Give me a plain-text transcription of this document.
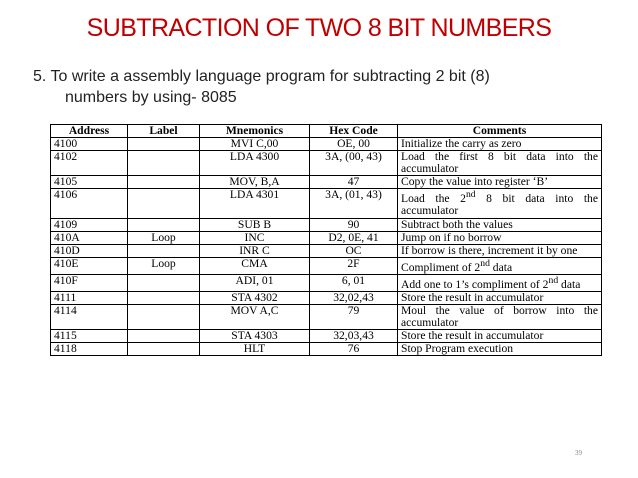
SUBTRACTION OF TWO 8 BIT NUMBERS
5. To write a assembly language program for subtracting 2 bit (8)
numbers by using- 8085
Address	Label	Mnemonics	Hex Code	Comments
4100		MVI C,00	OE, 00	Initialize the carry as zero
4102		LDA 4300	3A, (00, 43)	Load the first 8 bit data into the accumulator
4105		MOV, B,A	47	Copy the value into register ‘B’
4106		LDA 4301	3A, (01, 43)	Load the 2nd 8 bit data into the accumulator
4109		SUB B	90	Subtract both the values
410A	Loop	INC	D2, 0E, 41	Jump on if no borrow
410D		INR C	OC	If borrow is there, increment it by one
410E	Loop	CMA	2F	Compliment of 2nd data
410F		ADI, 01	6, 01	Add one to 1’s compliment of 2nd data
4111		STA 4302	32,02,43	Store the result in accumulator
4114		MOV A,C	79	Moul the value of borrow into the accumulator
4115		STA 4303	32,03,43	Store the result in accumulator
4118		HLT	76	Stop Program execution
39
